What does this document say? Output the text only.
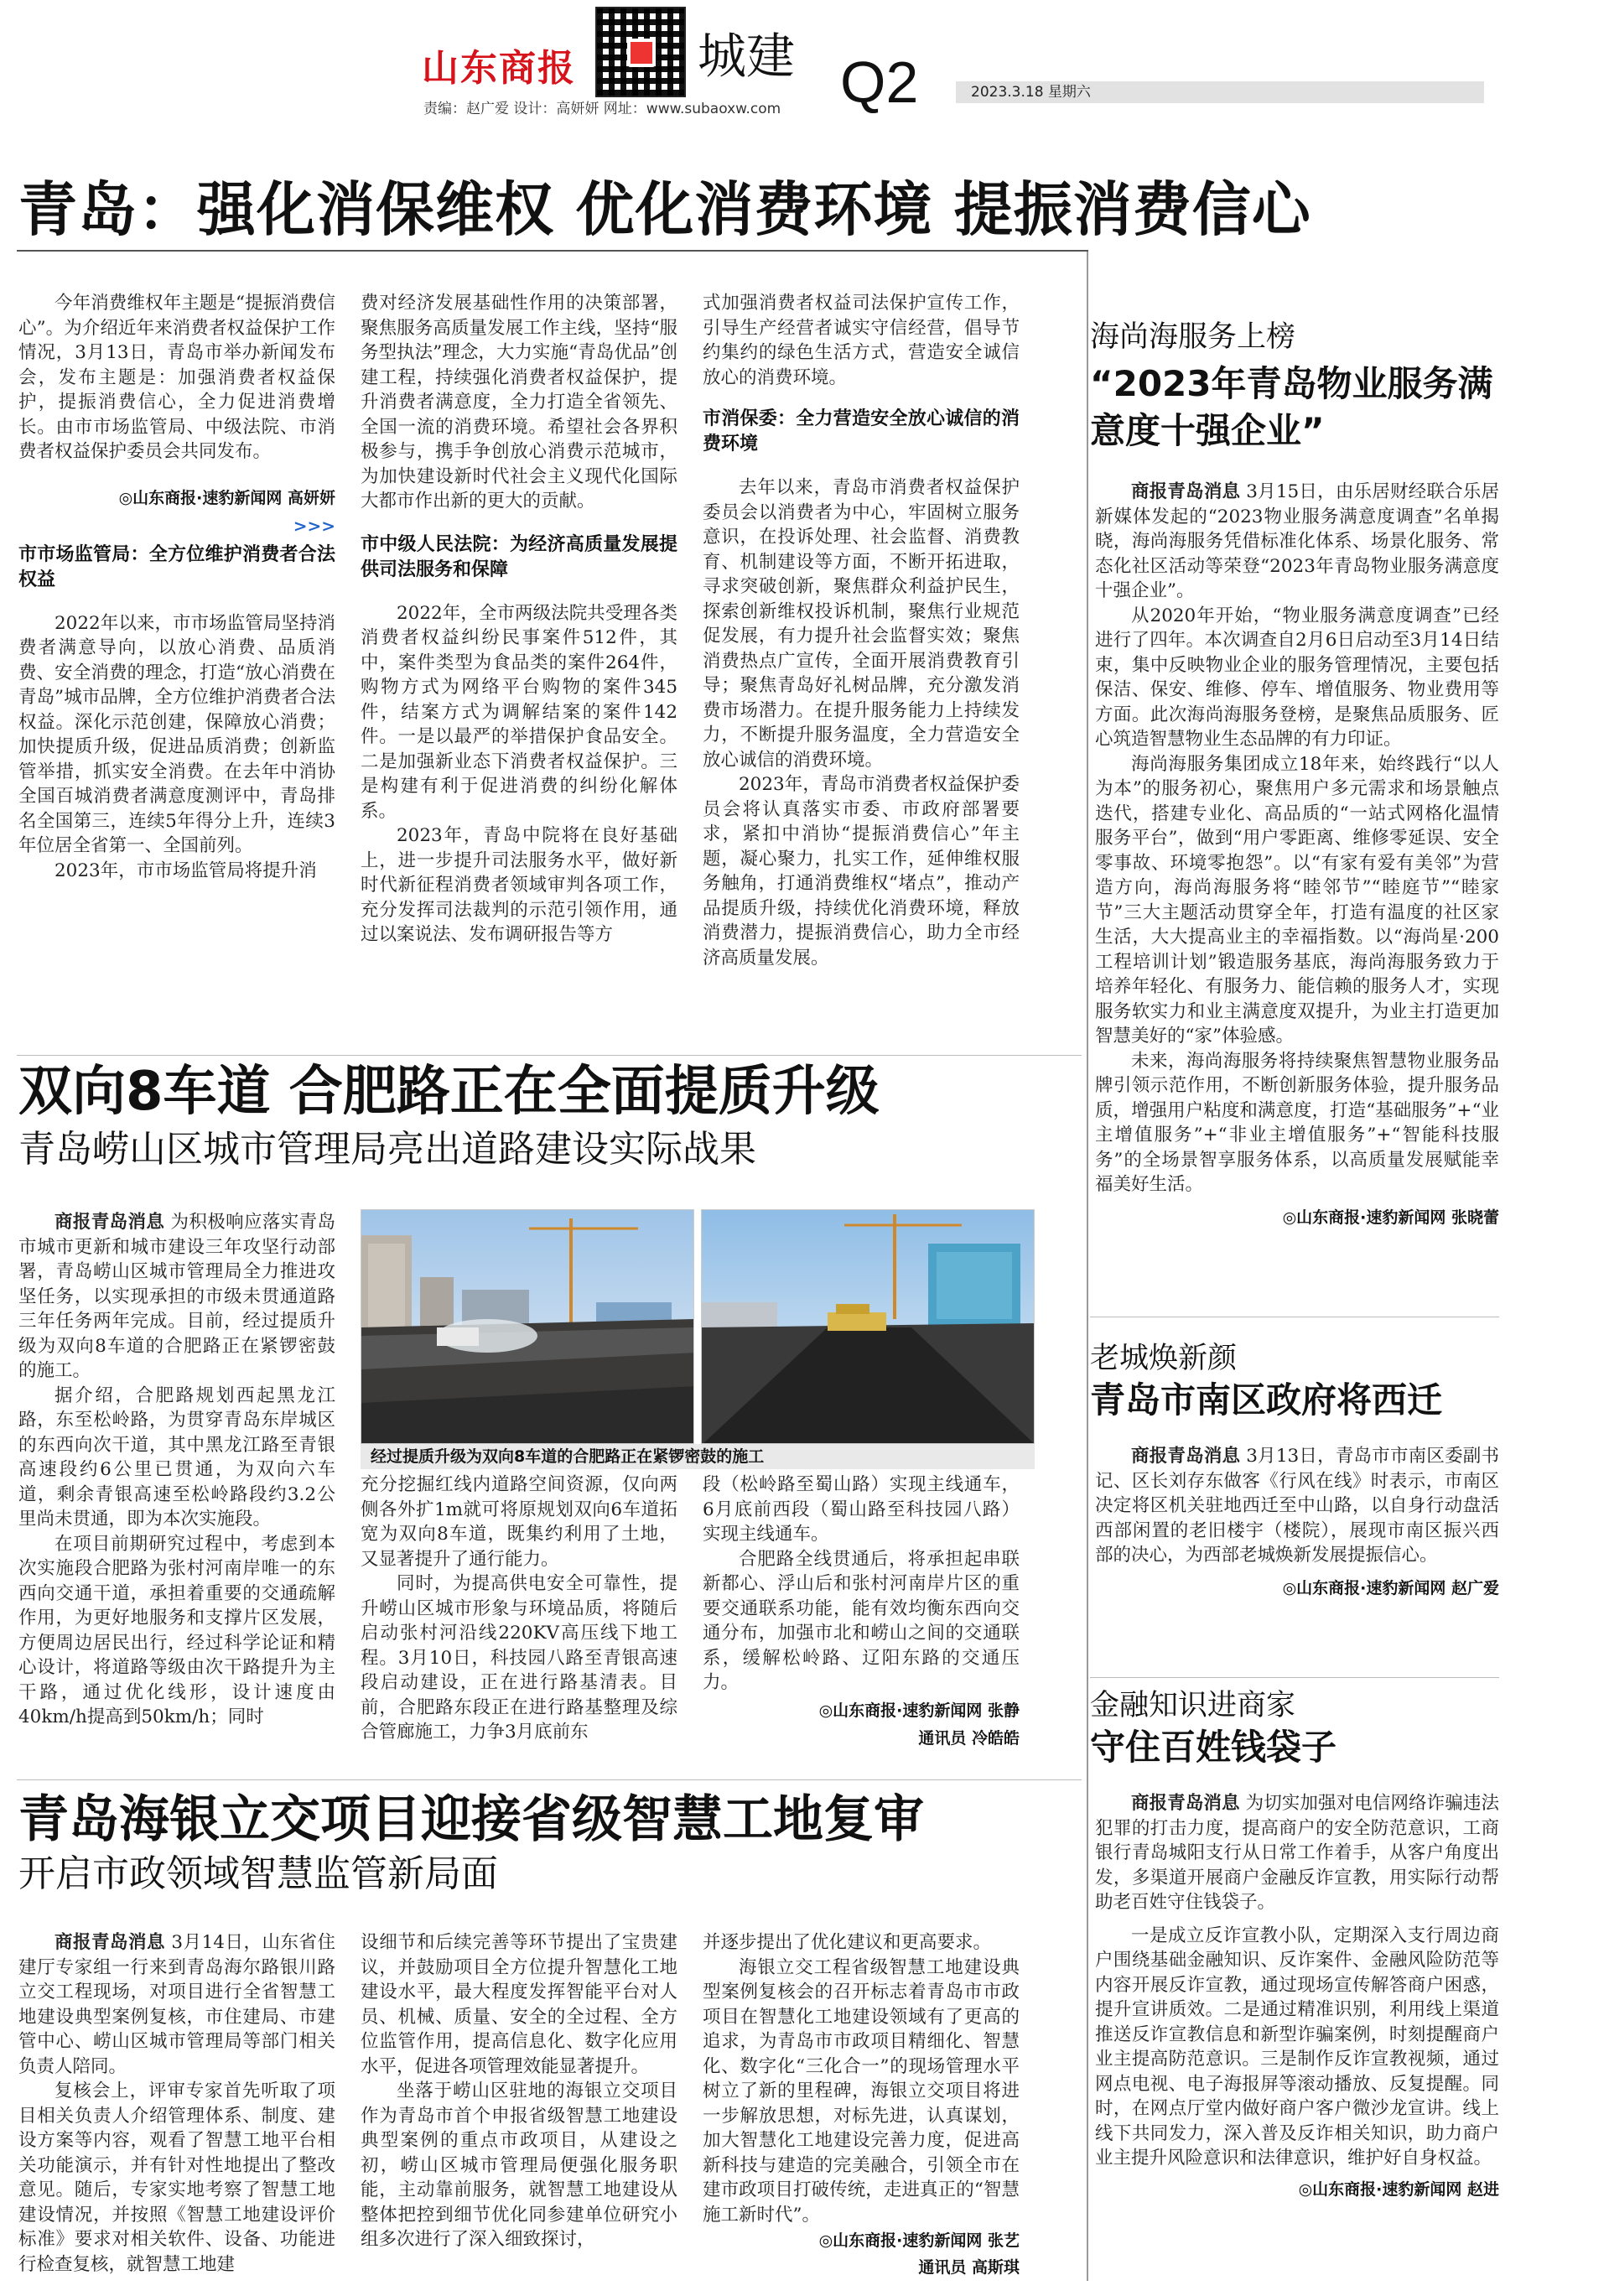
山东商报	城建 Q2
责编：赵广爱 设计：高妍妍 网址：www.subaoxw.com
2023.3.18 星期六
青岛：强化消保维权 优化消费环境 提振消费信心

今年消费维权年主题是“提振消费信心”。为介绍近年来消费者权益保护工作情况，3月13日，青岛市举办新闻发布会，发布主题是：加强消费者权益保护，提振消费信心，全力促进消费增长。由市市场监管局、中级法院、市消费者权益保护委员会共同发布。

◎山东商报·速豹新闻网 高妍妍
>>>
市市场监管局：全方位维护消费者合法权益

2022年以来，市市场监管局坚持消费者满意导向，以放心消费、品质消费、安全消费的理念，打造“放心消费在青岛”城市品牌，全方位维护消费者合法权益。深化示范创建，保障放心消费；加快提质升级，促进品质消费；创新监管举措，抓实安全消费。在去年中消协全国百城消费者满意度测评中，青岛排名全国第三，连续5年得分上升，连续3年位居全省第一、全国前列。

2023年，市市场监管局将提升消

费对经济发展基础性作用的决策部署，聚焦服务高质量发展工作主线，坚持“服务型执法”理念，大力实施“青岛优品”创建工程，持续强化消费者权益保护，提升消费者满意度，全力打造全省领先、全国一流的消费环境。希望社会各界积极参与，携手争创放心消费示范城市，为加快建设新时代社会主义现代化国际大都市作出新的更大的贡献。
市中级人民法院：为经济高质量发展提供司法服务和保障

2022年，全市两级法院共受理各类消费者权益纠纷民事案件512件，其中，案件类型为食品类的案件264件，购物方式为网络平台购物的案件345件，结案方式为调解结案的案件142件。一是以最严的举措保护食品安全。二是加强新业态下消费者权益保护。三是构建有利于促进消费的纠纷化解体系。

2023年，青岛中院将在良好基础上，进一步提升司法服务水平，做好新时代新征程消费者领域审判各项工作，充分发挥司法裁判的示范引领作用，通过以案说法、发布调研报告等方

式加强消费者权益司法保护宣传工作，引导生产经营者诚实守信经营，倡导节约集约的绿色生活方式，营造安全诚信放心的消费环境。
市消保委：全力营造安全放心诚信的消费环境

去年以来，青岛市消费者权益保护委员会以消费者为中心，牢固树立服务意识，在投诉处理、社会监督、消费教育、机制建设等方面，不断开拓进取，寻求突破创新，聚焦群众利益护民生，探索创新维权投诉机制，聚焦行业规范促发展，有力提升社会监督实效；聚焦消费热点广宣传，全面开展消费教育引导；聚焦青岛好礼树品牌，充分激发消费市场潜力。在提升服务能力上持续发力，不断提升服务温度，全力营造安全放心诚信的消费环境。

2023年，青岛市消费者权益保护委员会将认真落实市委、市政府部署要求，紧扣中消协“提振消费信心”年主题，凝心聚力，扎实工作，延伸维权服务触角，打通消费维权“堵点”，推动产品提质升级，持续优化消费环境，释放消费潜力，提振消费信心，助力全市经济高质量发展。

海尚海服务上榜
“2023年青岛物业服务满意度十强企业”

商报青岛消息 3月15日，由乐居财经联合乐居新媒体发起的“2023物业服务满意度调查”名单揭晓，海尚海服务凭借标准化体系、场景化服务、常态化社区活动等荣登“2023年青岛物业服务满意度十强企业”。

从2020年开始，“物业服务满意度调查”已经进行了四年。本次调查自2月6日启动至3月14日结束，集中反映物业企业的服务管理情况，主要包括保洁、保安、维修、停车、增值服务、物业费用等方面。此次海尚海服务登榜，是聚焦品质服务、匠心筑造智慧物业生态品牌的有力印证。

海尚海服务集团成立18年来，始终践行“以人为本”的服务初心，聚焦用户多元需求和场景触点迭代，搭建专业化、高品质的“一站式网格化温情服务平台”，做到“用户零距离、维修零延误、安全零事故、环境零抱怨”。以“有家有爱有美邻”为营造方向，海尚海服务将“睦邻节”“睦庭节”“睦家节”三大主题活动贯穿全年，打造有温度的社区家生活，大大提高业主的幸福指数。以“海尚星·200工程培训计划”锻造服务基底，海尚海服务致力于培养年轻化、有服务力、能信赖的服务人才，实现服务软实力和业主满意度双提升，为业主打造更加智慧美好的“家”体验感。

未来，海尚海服务将持续聚焦智慧物业服务品牌引领示范作用，不断创新服务体验，提升服务品质，增强用户粘度和满意度，打造“基础服务”+“业主增值服务”+“非业主增值服务”+“智能科技服务”的全场景智享服务体系，以高质量发展赋能幸福美好生活。

◎山东商报·速豹新闻网 张晓蕾
老城焕新颜
青岛市南区政府将西迁

商报青岛消息 3月13日，青岛市市南区委副书记、区长刘存东做客《行风在线》时表示，市南区决定将区机关驻地西迁至中山路，以自身行动盘活西部闲置的老旧楼宇（楼院），展现市南区振兴西部的决心，为西部老城焕新发展提振信心。

◎山东商报·速豹新闻网 赵广爱
金融知识进商家
守住百姓钱袋子

商报青岛消息 为切实加强对电信网络诈骗违法犯罪的打击力度，提高商户的安全防范意识，工商银行青岛城阳支行从日常工作着手，从客户角度出发，多渠道开展商户金融反诈宣教，用实际行动帮助老百姓守住钱袋子。

一是成立反诈宣教小队，定期深入支行周边商户围绕基础金融知识、反诈案件、金融风险防范等内容开展反诈宣教，通过现场宣传解答商户困惑，提升宣讲质效。二是通过精准识别，利用线上渠道推送反诈宣教信息和新型诈骗案例，时刻提醒商户业主提高防范意识。三是制作反诈宣教视频，通过网点电视、电子海报屏等滚动播放、反复提醒。同时，在网点厅堂内做好商户客户微沙龙宣讲。线上线下共同发力，深入普及反诈相关知识，助力商户业主提升风险意识和法律意识，维护好自身权益。

◎山东商报·速豹新闻网 赵进
双向8车道 合肥路正在全面提质升级
青岛崂山区城市管理局亮出道路建设实际战果

商报青岛消息 为积极响应落实青岛市城市更新和城市建设三年攻坚行动部署，青岛崂山区城市管理局全力推进攻坚任务，以实现承担的市级未贯通道路三年任务两年完成。目前，经过提质升级为双向8车道的合肥路正在紧锣密鼓的施工。

据介绍，合肥路规划西起黑龙江路，东至松岭路，为贯穿青岛东岸城区的东西向次干道，其中黑龙江路至青银高速段约6公里已贯通，为双向六车道，剩余青银高速至松岭路段约3.2公里尚未贯通，即为本次实施段。

在项目前期研究过程中，考虑到本次实施段合肥路为张村河南岸唯一的东西向交通干道，承担着重要的交通疏解作用，为更好地服务和支撑片区发展，方便周边居民出行，经过科学论证和精心设计，将道路等级由次干路提升为主干路，通过优化线形，设计速度由40km/h提高到50km/h；同时

经过提质升级为双向8车道的合肥路正在紧锣密鼓的施工
充分挖掘红线内道路空间资源，仅向两侧各外扩1m就可将原规划双向6车道拓宽为双向8车道，既集约利用了土地，又显著提升了通行能力。

同时，为提高供电安全可靠性，提升崂山区城市形象与环境品质，将随后启动张村河沿线220KV高压线下地工程。3月10日，科技园八路至青银高速段启动建设，正在进行路基清表。目前，合肥路东段正在进行路基整理及综合管廊施工，力争3月底前东

段（松岭路至蜀山路）实现主线通车，6月底前西段（蜀山路至科技园八路）实现主线通车。

合肥路全线贯通后，将承担起串联新都心、浮山后和张村河南岸片区的重要交通联系功能，能有效均衡东西向交通分布，加强市北和崂山之间的交通联系，缓解松岭路、辽阳东路的交通压力。

◎山东商报·速豹新闻网 张静
通讯员 冷皓皓
青岛海银立交项目迎接省级智慧工地复审
开启市政领域智慧监管新局面

商报青岛消息 3月14日，山东省住建厅专家组一行来到青岛海尔路银川路立交工程现场，对项目进行全省智慧工地建设典型案例复核，市住建局、市建管中心、崂山区城市管理局等部门相关负责人陪同。

复核会上，评审专家首先听取了项目相关负责人介绍管理体系、制度、建设方案等内容，观看了智慧工地平台相关功能演示，并有针对性地提出了整改意见。随后，专家实地考察了智慧工地建设情况，并按照《智慧工地建设评价标准》要求对相关软件、设备、功能进行检查复核，就智慧工地建

设细节和后续完善等环节提出了宝贵建议，并鼓励项目全方位提升智慧化工地建设水平，最大程度发挥智能平台对人员、机械、质量、安全的全过程、全方位监管作用，提高信息化、数字化应用水平，促进各项管理效能显著提升。

坐落于崂山区驻地的海银立交项目作为青岛市首个申报省级智慧工地建设典型案例的重点市政项目，从建设之初，崂山区城市管理局便强化服务职能，主动靠前服务，就智慧工地建设从整体把控到细节优化同参建单位研究小组多次进行了深入细致探讨，

并逐步提出了优化建议和更高要求。

海银立交工程省级智慧工地建设典型案例复核会的召开标志着青岛市市政项目在智慧化工地建设领域有了更高的追求，为青岛市市政项目精细化、智慧化、数字化“三化合一”的现场管理水平树立了新的里程碑，海银立交项目将进一步解放思想，对标先进，认真谋划，加大智慧化工地建设完善力度，促进高新科技与建造的完美融合，引领全市在建市政项目打破传统，走进真正的“智慧施工新时代”。

◎山东商报·速豹新闻网 张艺
通讯员 高斯琪
